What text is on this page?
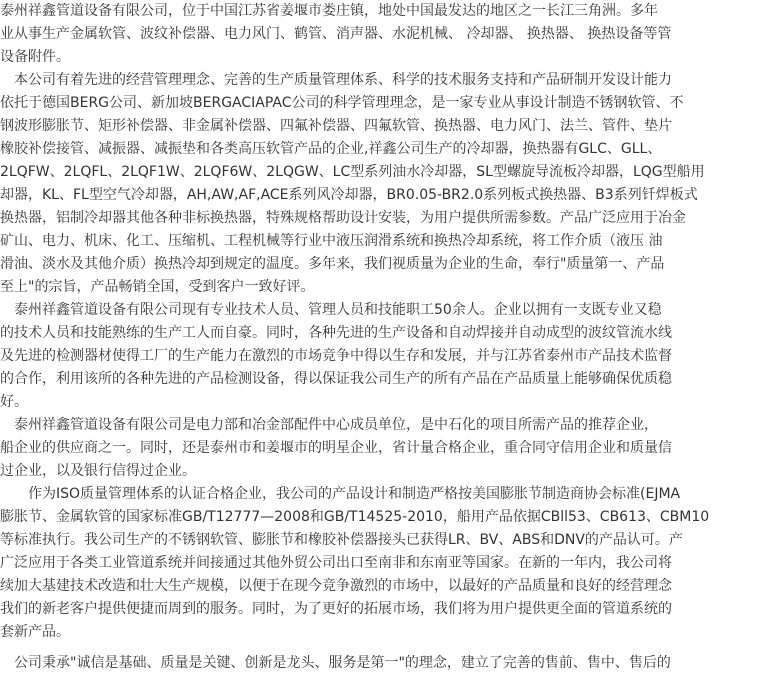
泰州祥鑫管道设备有限公司，位于中国江苏省姜堰市娄庄镇，地处中国最发达的地区之一长江三角洲。多年
业从事生产金属软管、波纹补偿器、电力风门、鹤管、消声器、水泥机械、 冷却器、 换热器、 换热设备等管
设备附件。
　本公司有着先进的经营管理理念、完善的生产质量管理体系、科学的技术服务支持和产品研制开发设计能力
依托于德国BERG公司、新加坡BERGACIAPAC公司的科学管理理念，是一家专业从事设计制造不锈钢软管、不
钢波形膨胀节、矩形补偿器、非金属补偿器、四氟补偿器、四氟软管、换热器、电力风门、法兰、管件、垫片
橡胶补偿接管、减振器、减振垫和各类高压软管产品的企业,祥鑫公司生产的冷却器，换热器有GLC、GLL、
2LQFW、2LQFL、2LQF1W、2LQF6W、2LQGW、LC型系列油水冷却器，SL型螺旋导流板冷却器，LQG型船用
却器，KL、FL型空气冷却器，AH,AW,AF,ACE系列风冷却器，BR0.05-BR2.0系列板式换热器、B3系列钎焊板式
换热器，铝制冷却器其他各种非标换热器，特殊规格帮助设计安装，为用户提供所需参数。产品广泛应用于冶金
矿山、电力、机床、化工、压缩机、工程机械等行业中液压润滑系统和换热冷却系统，将工作介质（液压 油
滑油、淡水及其他介质）换热冷却到规定的温度。多年来，我们视质量为企业的生命，奉行"质量第一、产品
至上"的宗旨，产品畅销全国，受到客户一致好评。
　泰州祥鑫管道设备有限公司现有专业技术人员、管理人员和技能职工50余人。企业以拥有一支既专业又稳
的技术人员和技能熟练的生产工人而自豪。同时，各种先进的生产设备和自动焊接并自动成型的波纹管流水线
及先进的检测器材使得工厂的生产能力在激烈的市场竞争中得以生存和发展，并与江苏省泰州市产品技术监督
的合作，利用该所的各种先进的产品检测设备，得以保证我公司生产的所有产品在产品质量上能够确保优质稳
好。
　泰州祥鑫管道设备有限公司是电力部和冶金部配件中心成员单位，是中石化的项目所需产品的推荐企业，
船企业的供应商之一。同时，还是泰州市和姜堰市的明星企业，省计量合格企业，重合同守信用企业和质量信
过企业，以及银行信得过企业。
　　作为ISO质量管理体系的认证合格企业，我公司的产品设计和制造严格按美国膨胀节制造商协会标准(EJMA
膨胀节、金属软管的国家标准GB/T12777—2008和GB/T14525-2010，船用产品依据CBll53、CB613、CBM10
等标准执行。我公司生产的不锈钢软管、膨胀节和橡胶补偿器接头已获得LR、BV、ABS和DNV的产品认可。产
广泛应用于各类工业管道系统并间接通过其他外贸公司出口至南非和东南亚等国家。在新的一年内，我公司将
续加大基建技术改造和壮大生产规模，以便于在现今竞争激烈的市场中，以最好的产品质量和良好的经营理念
我们的新老客户提供便捷而周到的服务。同时，为了更好的拓展市场，我们将为用户提供更全面的管道系统的
套新产品。
　公司秉承"诚信是基础、质量是关键、创新是龙头、服务是第一"的理念，建立了完善的售前、售中、售后的
